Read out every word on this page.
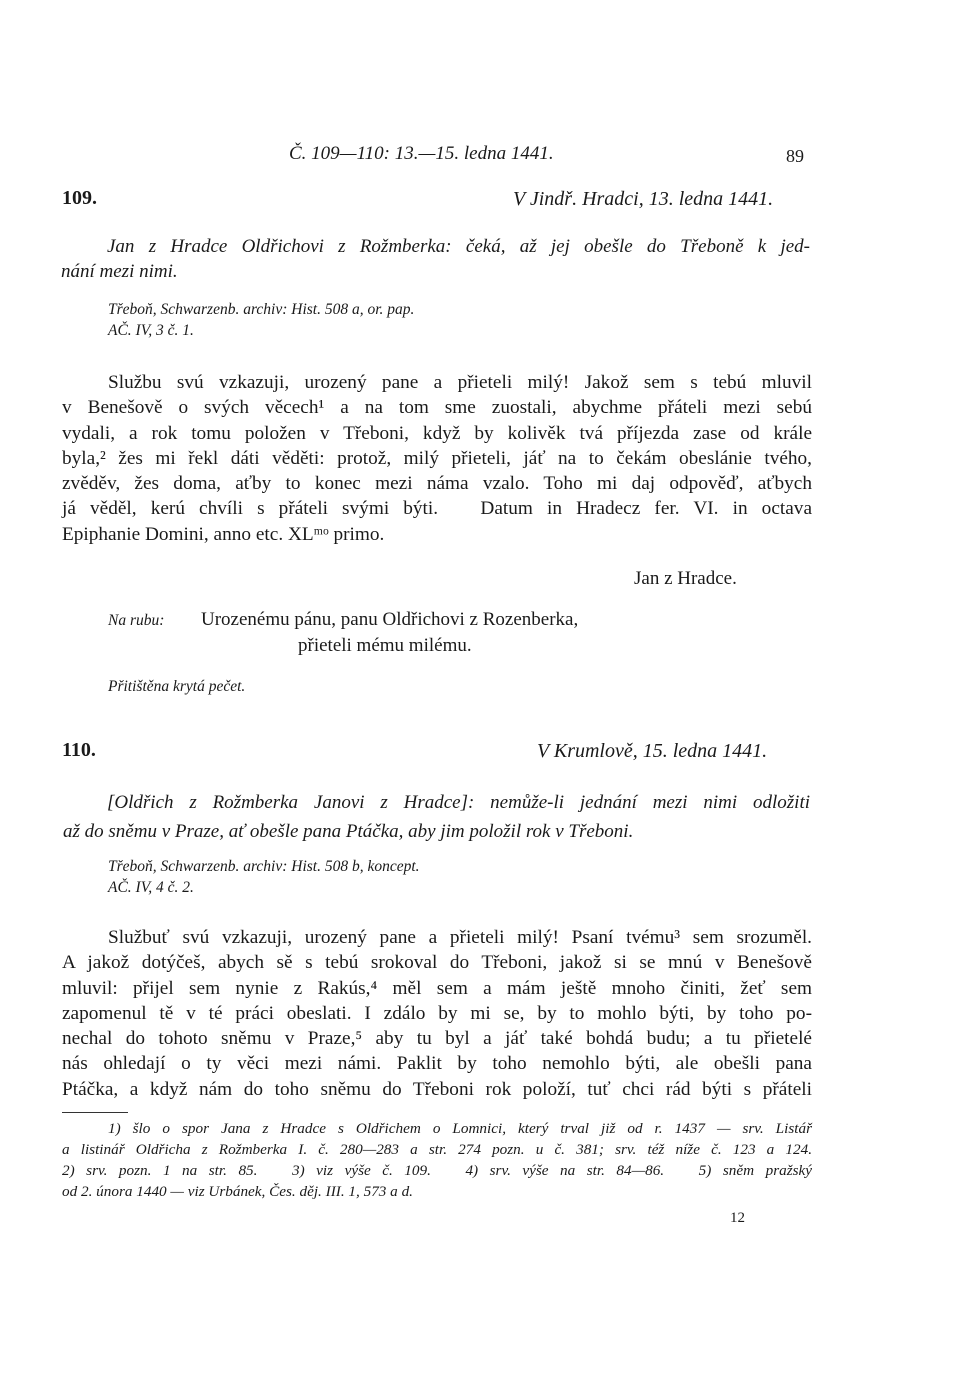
Č. 109—110: 13.—15. ledna 1441.	89
109.	V Jindř. Hradci, 13. ledna 1441.
Jan z Hradce Oldřichovi z Rožmberka: čeká, až jej obešle do Třeboně k jed-
nání mezi nimi.
Třeboň, Schwarzenb. archiv: Hist. 508 a, or. pap.
AČ. IV, 3 č. 1.
Službu svú vzkazuji, urozený pane a přieteli milý! Jakož sem s tebú mluvil
v Benešově o svých věcech¹ a na tom sme zuostali, abychme přáteli mezi sebú
vydali, a rok tomu položen v Třeboni, když by kolivěk tvá příjezda zase od krále
byla,² žes mi řekl dáti věděti: protož, milý přieteli, jáť na to čekám obeslánie tvého,
zvěděv, žes doma, aťby to konec mezi náma vzalo. Toho mi daj odpověď, aťbych
já věděl, kerú chvíli s přáteli svými býti.   Datum in Hradecz fer. VI. in octava
Epiphanie Domini, anno etc. XLᵐᵒ primo.
Jan z Hradce.
Na rubu: Urozenému pánu, panu Oldřichovi z Rozenberka,
přieteli mému milému.
Přitištěna krytá pečet.
110.	V Krumlově, 15. ledna 1441.
[Oldřich z Rožmberka Janovi z Hradce]: nemůže-li jednání mezi nimi odložiti
až do sněmu v Praze, ať obešle pana Ptáčka, aby jim položil rok v Třeboni.
Třeboň, Schwarzenb. archiv: Hist. 508 b, koncept.
AČ. IV, 4 č. 2.
Službuť svú vzkazuji, urozený pane a přieteli milý! Psaní tvému³ sem srozuměl.
A jakož dotýčeš, abych sě s tebú srokoval do Třeboni, jakož si se mnú v Benešově
mluvil: přijel sem nynie z Rakús,⁴ měl sem a mám ještě mnoho činiti, žeť sem
zapomenul tě v té práci obeslati. I zdálo by mi se, by to mohlo býti, by toho po-
nechal do tohoto sněmu v Praze,⁵ aby tu byl a jáť také bohdá budu; a tu přietelé
nás ohledají o ty věci mezi námi. Paklit by toho nemohlo býti, ale obešli pana
Ptáčka, a když nám do toho sněmu do Třeboni rok položí, tuť chci rád býti s přáteli
1) šlo o spor Jana z Hradce s Oldřichem o Lomnici, který trval již od r. 1437 — srv. Listář
a listinář Oldřicha z Rožmberka I. č. 280—283 a str. 274 pozn. u č. 381; srv. též níže č. 123 a 124.
2) srv. pozn. 1 na str. 85.   3) viz výše č. 109.   4) srv. výše na str. 84—86.   5) sněm pražský
od 2. února 1440 — viz Urbánek, Čes. děj. III. 1, 573 a d.
12
